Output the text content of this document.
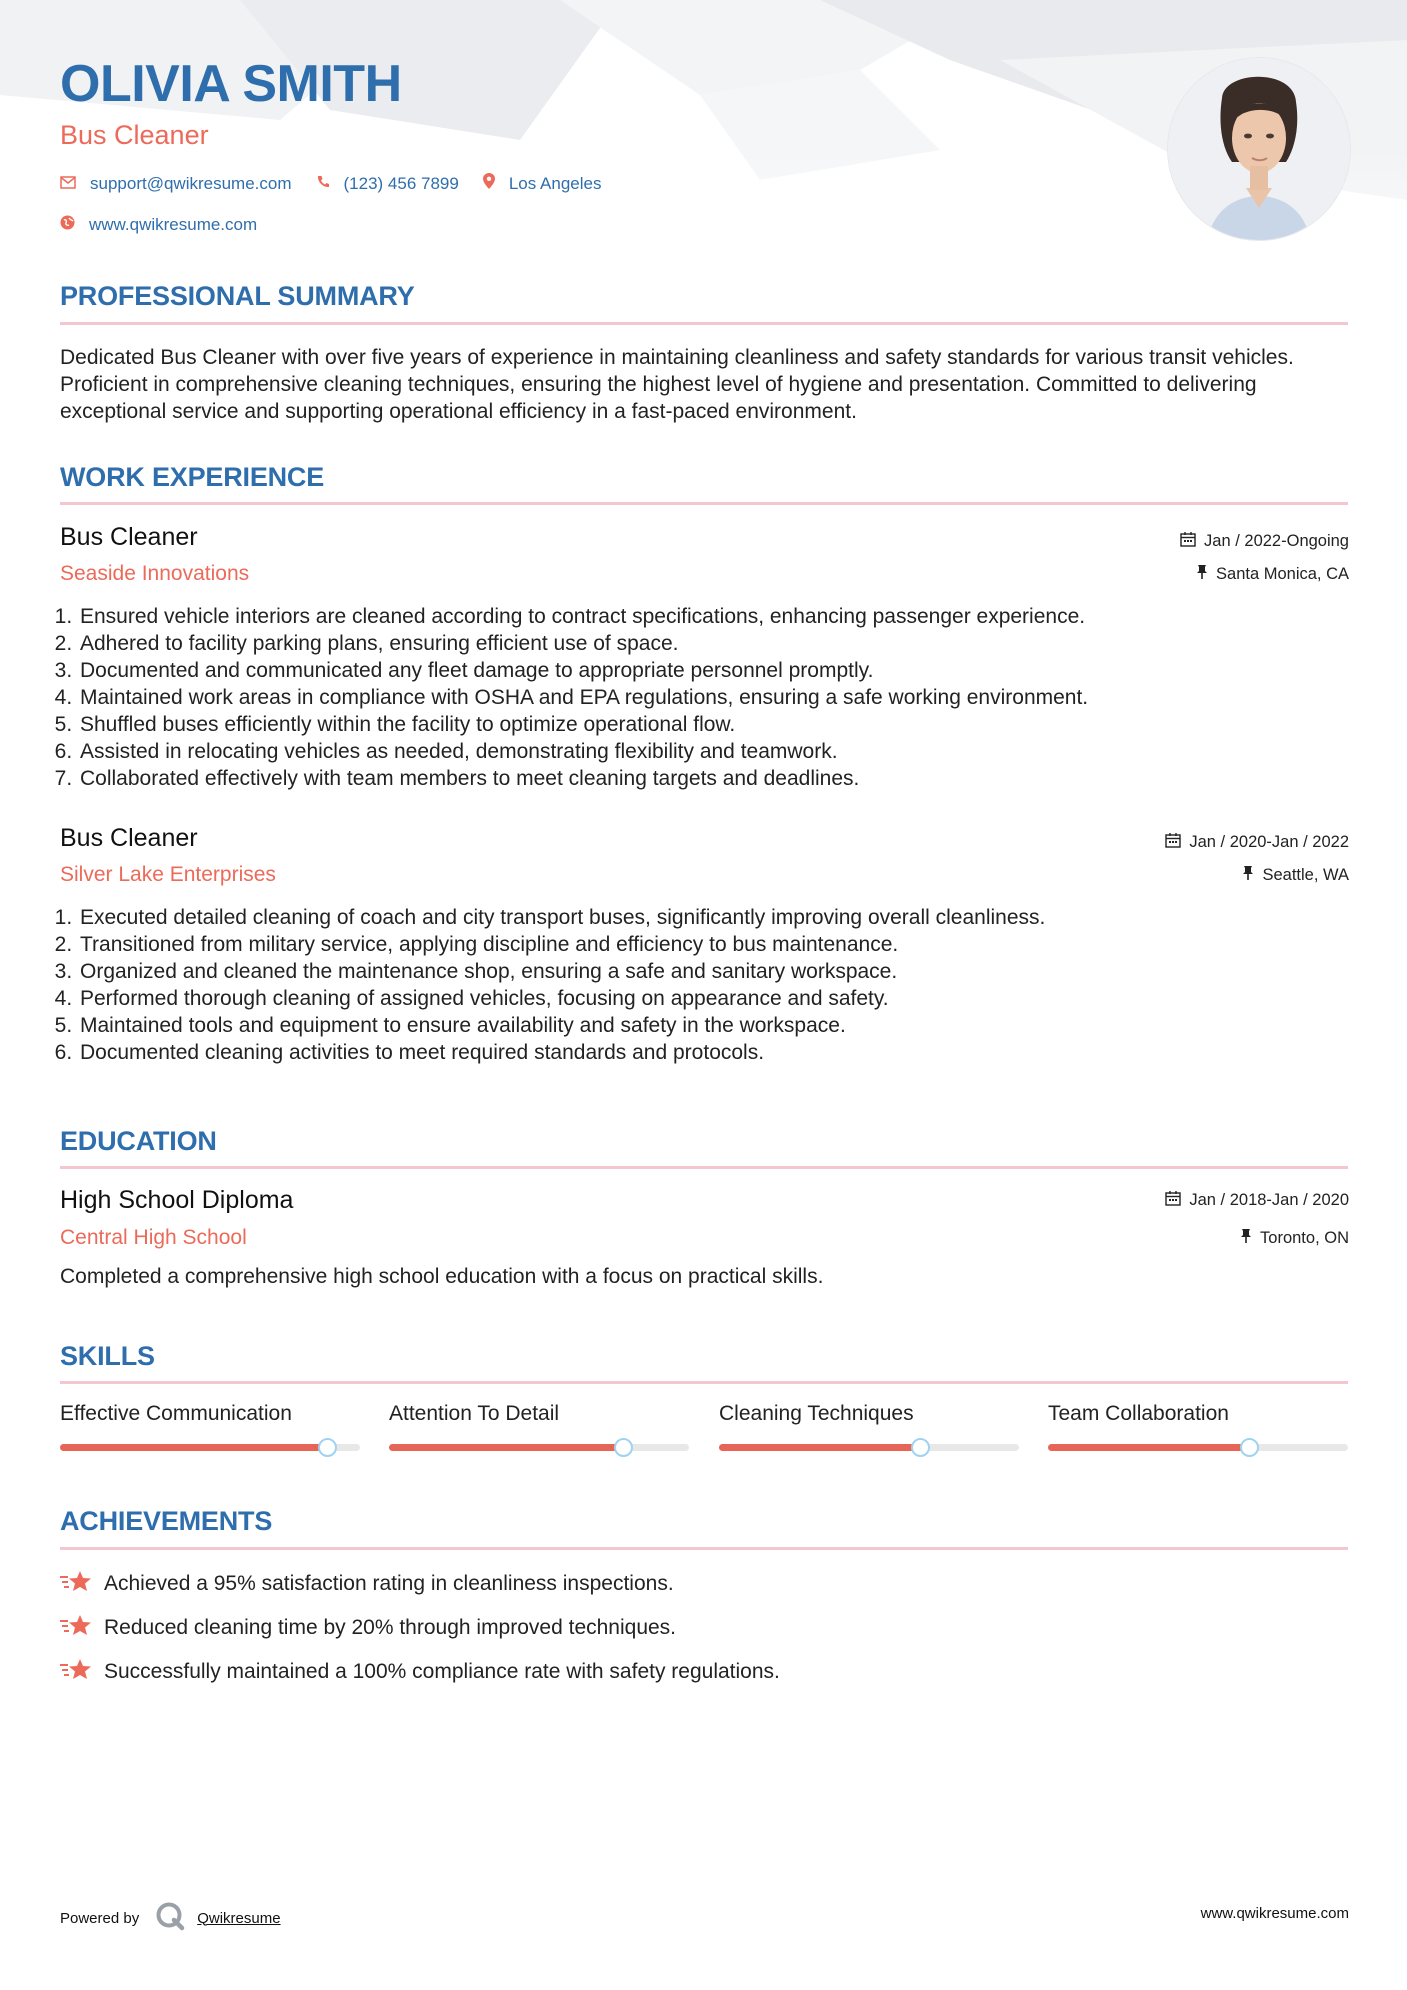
OLIVIA SMITH
Bus Cleaner
support@qwikresume.com	(123) 456 7899	Los Angeles
www.qwikresume.com
PROFESSIONAL SUMMARY
Dedicated Bus Cleaner with over five years of experience in maintaining cleanliness and safety standards for various transit vehicles. Proficient in comprehensive cleaning techniques, ensuring the highest level of hygiene and presentation. Committed to delivering exceptional service and supporting operational efficiency in a fast-paced environment.
WORK EXPERIENCE
Bus Cleaner
Seaside Innovations
Jan / 2022-Ongoing
Santa Monica, CA
1. Ensured vehicle interiors are cleaned according to contract specifications, enhancing passenger experience.
2. Adhered to facility parking plans, ensuring efficient use of space.
3. Documented and communicated any fleet damage to appropriate personnel promptly.
4. Maintained work areas in compliance with OSHA and EPA regulations, ensuring a safe working environment.
5. Shuffled buses efficiently within the facility to optimize operational flow.
6. Assisted in relocating vehicles as needed, demonstrating flexibility and teamwork.
7. Collaborated effectively with team members to meet cleaning targets and deadlines.
Bus Cleaner
Silver Lake Enterprises
Jan / 2020-Jan / 2022
Seattle, WA
1. Executed detailed cleaning of coach and city transport buses, significantly improving overall cleanliness.
2. Transitioned from military service, applying discipline and efficiency to bus maintenance.
3. Organized and cleaned the maintenance shop, ensuring a safe and sanitary workspace.
4. Performed thorough cleaning of assigned vehicles, focusing on appearance and safety.
5. Maintained tools and equipment to ensure availability and safety in the workspace.
6. Documented cleaning activities to meet required standards and protocols.
EDUCATION
High School Diploma
Central High School
Jan / 2018-Jan / 2020
Toronto, ON
Completed a comprehensive high school education with a focus on practical skills.
SKILLS
Effective Communication	Attention To Detail	Cleaning Techniques	Team Collaboration
ACHIEVEMENTS
Achieved a 95% satisfaction rating in cleanliness inspections.
Reduced cleaning time by 20% through improved techniques.
Successfully maintained a 100% compliance rate with safety regulations.
Powered by	Qwikresume	www.qwikresume.com
